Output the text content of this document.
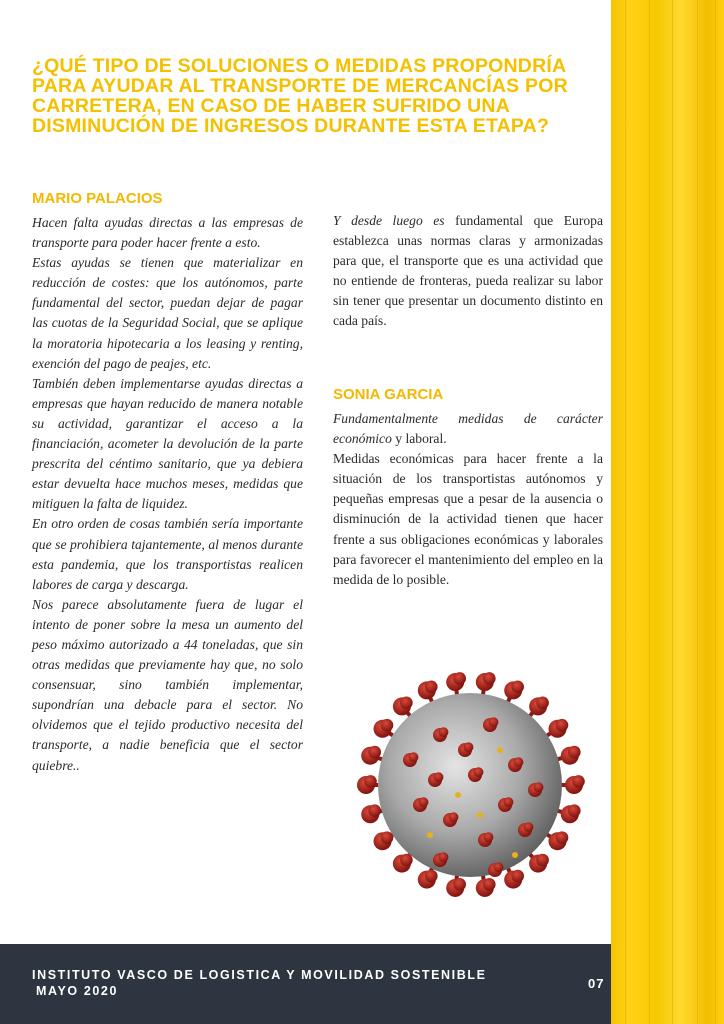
¿QUÉ TIPO DE SOLUCIONES O MEDIDAS PROPONDRÍA PARA AYUDAR AL TRANSPORTE DE MERCANCÍAS POR CARRETERA, EN CASO DE HABER SUFRIDO UNA DISMINUCIÓN DE INGRESOS DURANTE ESTA ETAPA?
MARIO PALACIOS

Hacen falta ayudas directas a las empresas de transporte para poder hacer frente a esto.

Estas ayudas se tienen que materializar en reducción de costes: que los autónomos, parte fundamental del sector, puedan dejar de pagar las cuotas de la Seguridad Social, que se aplique la moratoria hipotecaria a los leasing y renting, exención del pago de peajes, etc.

También deben implementarse ayudas directas a empresas que hayan reducido de manera notable su actividad, garantizar el acceso a la financiación, acometer la devolución de la parte prescrita del céntimo sanitario, que ya debiera estar devuelta hace muchos meses, medidas que mitiguen la falta de liquidez.

En otro orden de cosas también sería importante que se prohibiera tajantemente, al menos durante esta pandemia, que los transportistas realicen labores de carga y descarga.

Nos parece absolutamente fuera de lugar el intento de poner sobre la mesa un aumento del peso máximo autorizado a 44 toneladas, que sin otras medidas que previamente hay que, no solo consensuar, sino también implementar, supondrían una debacle para el sector. No olvidemos que el tejido productivo necesita del transporte, a nadie beneficia que el sector quiebre..

Y desde luego es fundamental que Europa establezca unas normas claras y armonizadas para que, el transporte que es una actividad que no entiende de fronteras, pueda realizar su labor sin tener que presentar un documento distinto en cada país.

SONIA GARCIA

Fundamentalmente medidas de carácter económico y laboral.

Medidas económicas para hacer frente a la situación de los transportistas autónomos y pequeñas empresas que a pesar de la ausencia o disminución de la actividad tienen que hacer frente a sus obligaciones económicas y laborales para favorecer el mantenimiento del empleo en la medida de lo posible.

INSTITUTO VASCO DE LOGISTICA Y MOVILIDAD SOSTENIBLE

MAYO 2020	07
